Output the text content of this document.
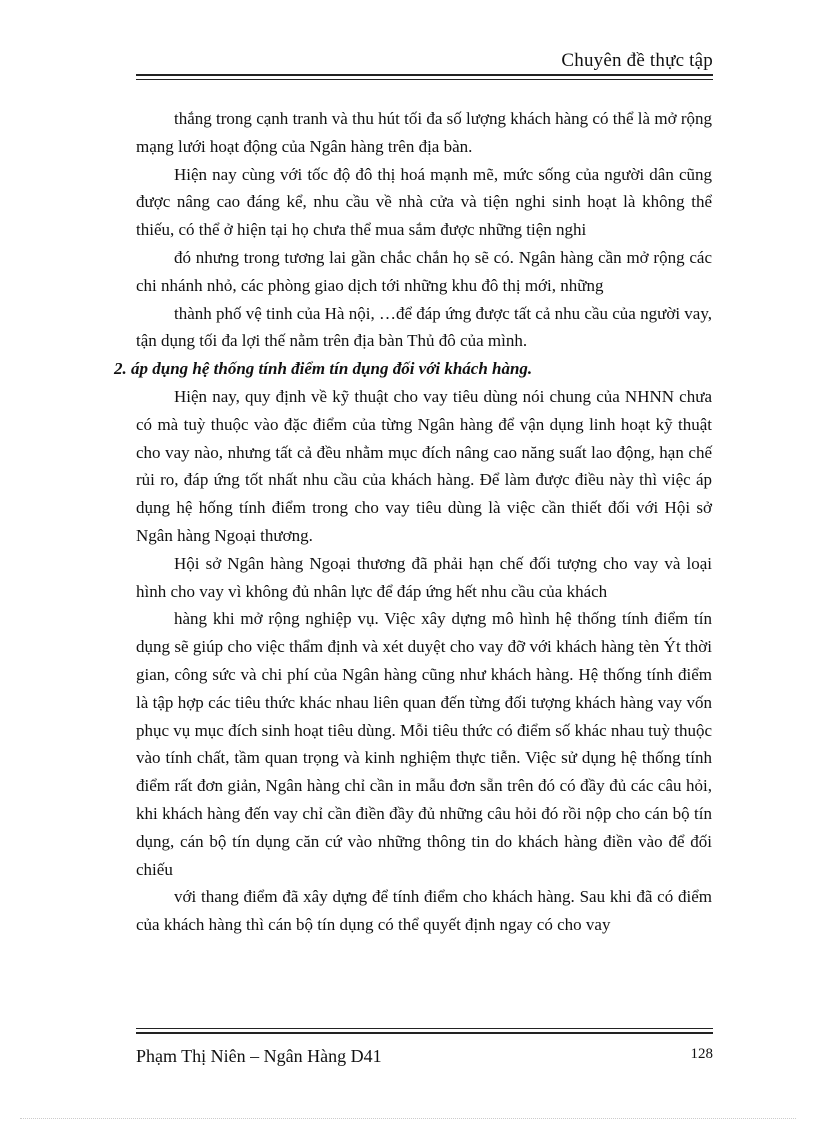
Chuyên đề thực tập

thắng trong cạnh tranh và thu hút tối đa số lượng khách hàng có thể là mở rộng mạng lưới hoạt động của Ngân hàng trên địa bàn.

Hiện nay cùng với tốc độ đô thị hoá mạnh mẽ, mức sống của người dân cũng được nâng cao đáng kể, nhu cầu về nhà cửa và tiện nghi sinh hoạt là không thể thiếu, có thể ở hiện tại họ chưa thể mua sắm được những tiện nghi

đó nhưng trong tương lai gần chắc chắn họ sẽ có. Ngân hàng cần mở rộng các chi nhánh nhỏ, các phòng giao dịch tới những khu đô thị mới, những

thành phố vệ tinh của Hà nội, …để đáp ứng được tất cả nhu cầu của người vay, tận dụng tối đa lợi thế nằm trên địa bàn Thủ đô của mình.

2. áp dụng hệ thống tính điểm tín dụng đối với khách hàng.

Hiện nay, quy định về kỹ thuật cho vay tiêu dùng nói chung của NHNN chưa có mà tuỳ thuộc vào đặc điểm của từng Ngân hàng để vận dụng linh hoạt kỹ thuật cho vay nào, nhưng tất cả đều nhằm mục đích nâng cao năng suất lao động, hạn chế rủi ro, đáp ứng tốt nhất nhu cầu của khách hàng. Để làm được điều này thì việc áp dụng hệ hống tính điểm trong cho vay tiêu dùng là việc cần thiết đối với Hội sở Ngân hàng Ngoại thương.

Hội sở Ngân hàng Ngoại thương đã phải hạn chế đối tượng cho vay và loại hình cho vay vì không đủ nhân lực để đáp ứng hết nhu cầu của khách

hàng khi mở rộng nghiệp vụ. Việc xây dựng mô hình hệ thống tính điểm tín dụng sẽ giúp cho việc thẩm định và xét duyệt cho vay đỡ với khách hàng tèn Ýt thời gian, công sức và chi phí của Ngân hàng cũng như khách hàng. Hệ thống tính điểm là tập hợp các tiêu thức khác nhau liên quan đến từng đối tượng khách hàng vay vốn phục vụ mục đích sinh hoạt tiêu dùng. Mỗi tiêu thức có điểm số khác nhau tuỳ thuộc vào tính chất, tầm quan trọng và kinh nghiệm thực tiễn. Việc sử dụng hệ thống tính điểm rất đơn giản, Ngân hàng chỉ cần in mẫu đơn sẵn trên đó có đầy đủ các câu hỏi, khi khách hàng đến vay chỉ cần điền đầy đủ những câu hỏi đó rồi nộp cho cán bộ tín dụng, cán bộ tín dụng căn cứ vào những thông tin do khách hàng điền vào để đối chiếu

với thang điểm đã xây dựng để tính điểm cho khách hàng. Sau khi đã có điểm của khách hàng thì cán bộ tín dụng có thể quyết định ngay có cho vay

Phạm Thị Niên – Ngân Hàng D41	128
